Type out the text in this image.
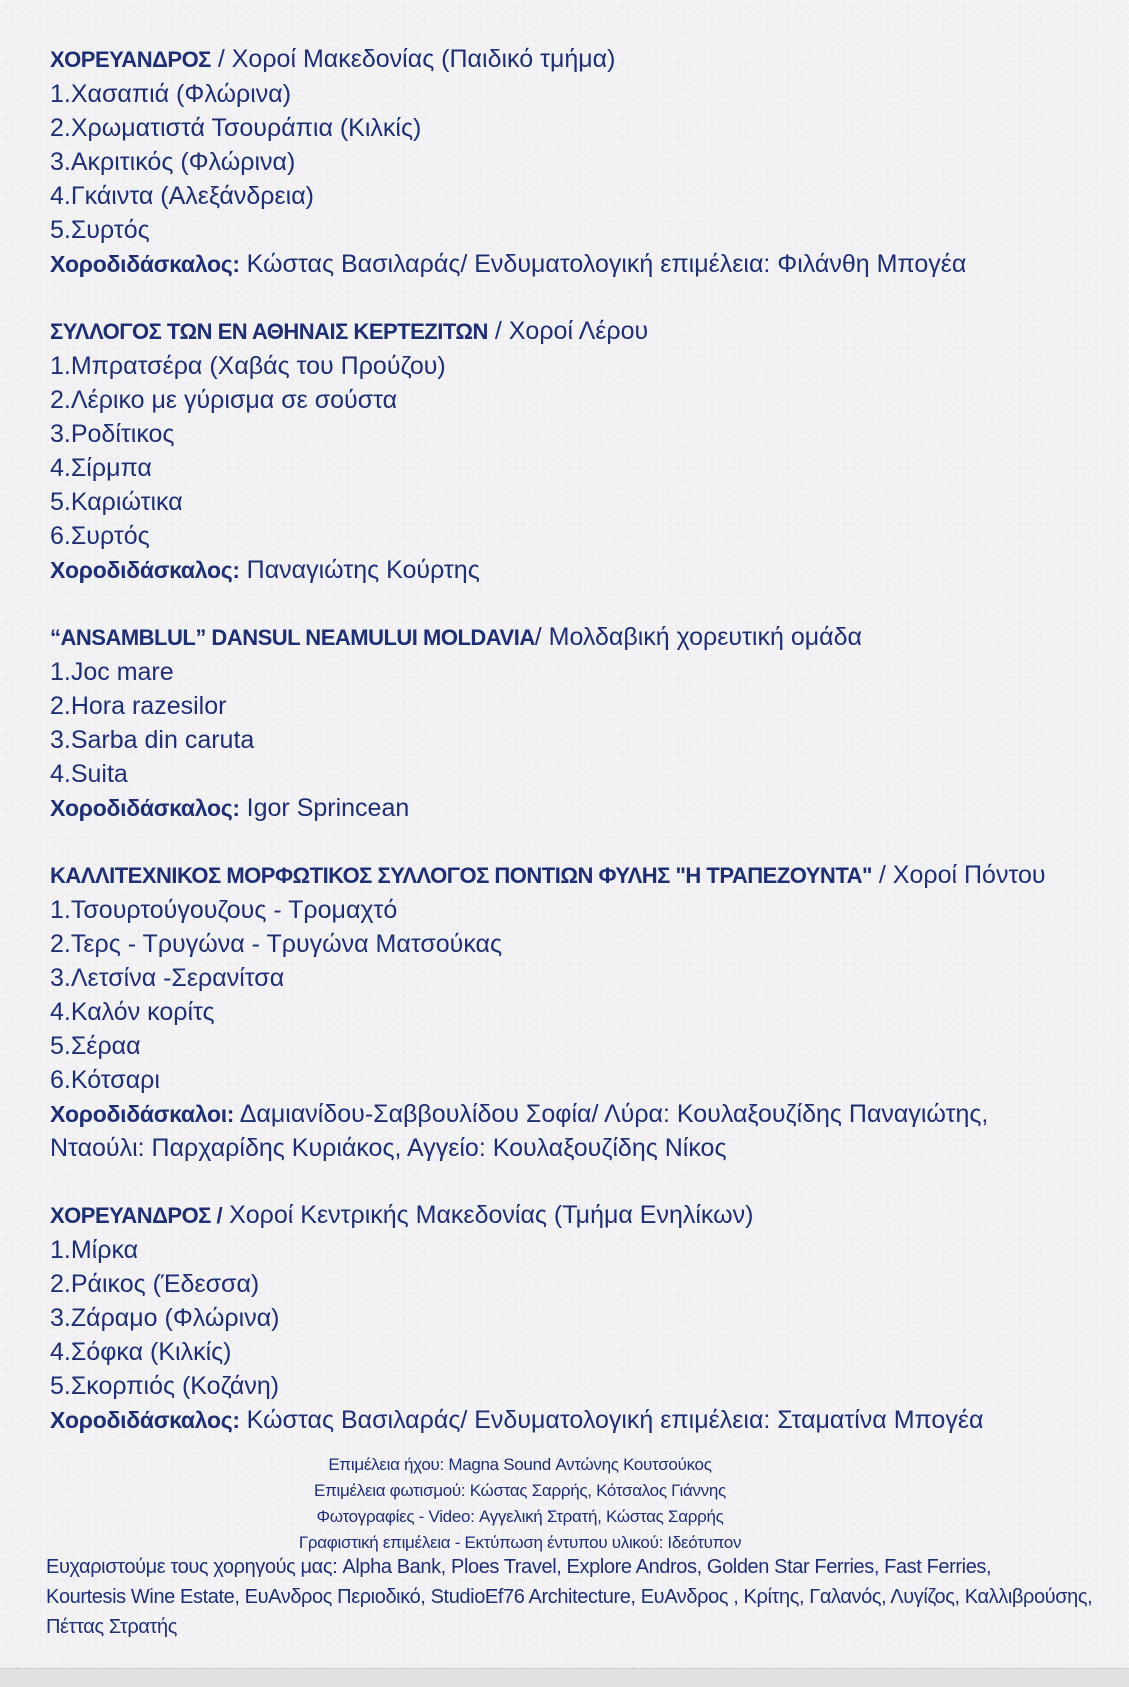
ΧΟΡΕΥΑΝΔΡΟΣ / Χοροί Μακεδονίας (Παιδικό τμήμα)
1.Χασαπιά (Φλώρινα)
2.Χρωματιστά Τσουράπια (Κιλκίς)
3.Ακριτικός (Φλώρινα)
4.Γκάιντα (Αλεξάνδρεια)
5.Συρτός
Χοροδιδάσκαλος: Κώστας Βασιλαράς/ Ενδυματολογική επιμέλεια: Φιλάνθη Μπογέα
ΣΥΛΛΟΓΟΣ ΤΩΝ ΕΝ ΑΘΗΝΑΙΣ ΚΕΡΤΕΖΙΤΩΝ / Χοροί Λέρου
1.Μπρατσέρα (Χαβάς του Προύζου)
2.Λέρικο με γύρισμα σε σούστα
3.Ροδίτικος
4.Σίρμπα
5.Καριώτικα
6.Συρτός
Χοροδιδάσκαλος: Παναγιώτης Κούρτης
“ANSAMBLUL” DANSUL NEAMULUI MOLDAVIA/ Μολδαβική χορευτική ομάδα
1.Joc mare
2.Hora razesilor
3.Sarba din caruta
4.Suita
Χοροδιδάσκαλος: Igor Sprincean
ΚΑΛΛΙΤΕΧΝΙΚΟΣ ΜΟΡΦΩΤΙΚΟΣ ΣΥΛΛΟΓΟΣ ΠΟΝΤΙΩΝ ΦΥΛΗΣ "Η ΤΡΑΠΕΖΟΥΝΤΑ" / Χοροί Πόντου
1.Τσουρτούγουζους - Τρομαχτό
2.Τερς - Τρυγώνα - Τρυγώνα Ματσούκας
3.Λετσίνα -Σερανίτσα
4.Καλόν κορίτς
5.Σέραα
6.Κότσαρι
Χοροδιδάσκαλοι: Δαμιανίδου-Σαββουλίδου Σοφία/ Λύρα: Κουλαξουζίδης Παναγιώτης,
Νταούλι: Παρχαρίδης Κυριάκος, Αγγείο: Κουλαξουζίδης Νίκος
ΧΟΡΕΥΑΝΔΡΟΣ / Χοροί Κεντρικής Μακεδονίας (Τμήμα Ενηλίκων)
1.Μίρκα
2.Ράικος (Έδεσσα)
3.Ζάραμο (Φλώρινα)
4.Σόφκα (Κιλκίς)
5.Σκορπιός (Κοζάνη)
Χοροδιδάσκαλος: Κώστας Βασιλαράς/ Ενδυματολογική επιμέλεια: Σταματίνα Μπογέα
Επιμέλεια ήχου: Magna Sound Αντώνης Κουτσούκος
Επιμέλεια φωτισμού: Κώστας Σαρρής, Κότσαλος Γιάννης
Φωτογραφίες - Video: Αγγελική Στρατή, Κώστας Σαρρής
Γραφιστική επιμέλεια - Εκτύπωση έντυπου υλικού: Ιδεότυπον
Ευχαριστούμε τους χορηγούς μας: Alpha Bank, Ploes Travel, Explore Andros, Golden Star Ferries, Fast Ferries,
Kourtesis Wine Estate, ΕυΑνδρος Περιοδικό, StudioEf76 Architecture, ΕυΑνδρος , Κρίτης, Γαλανός, Λυγίζος, Καλλιβρούσης,
Πέττας Στρατής
